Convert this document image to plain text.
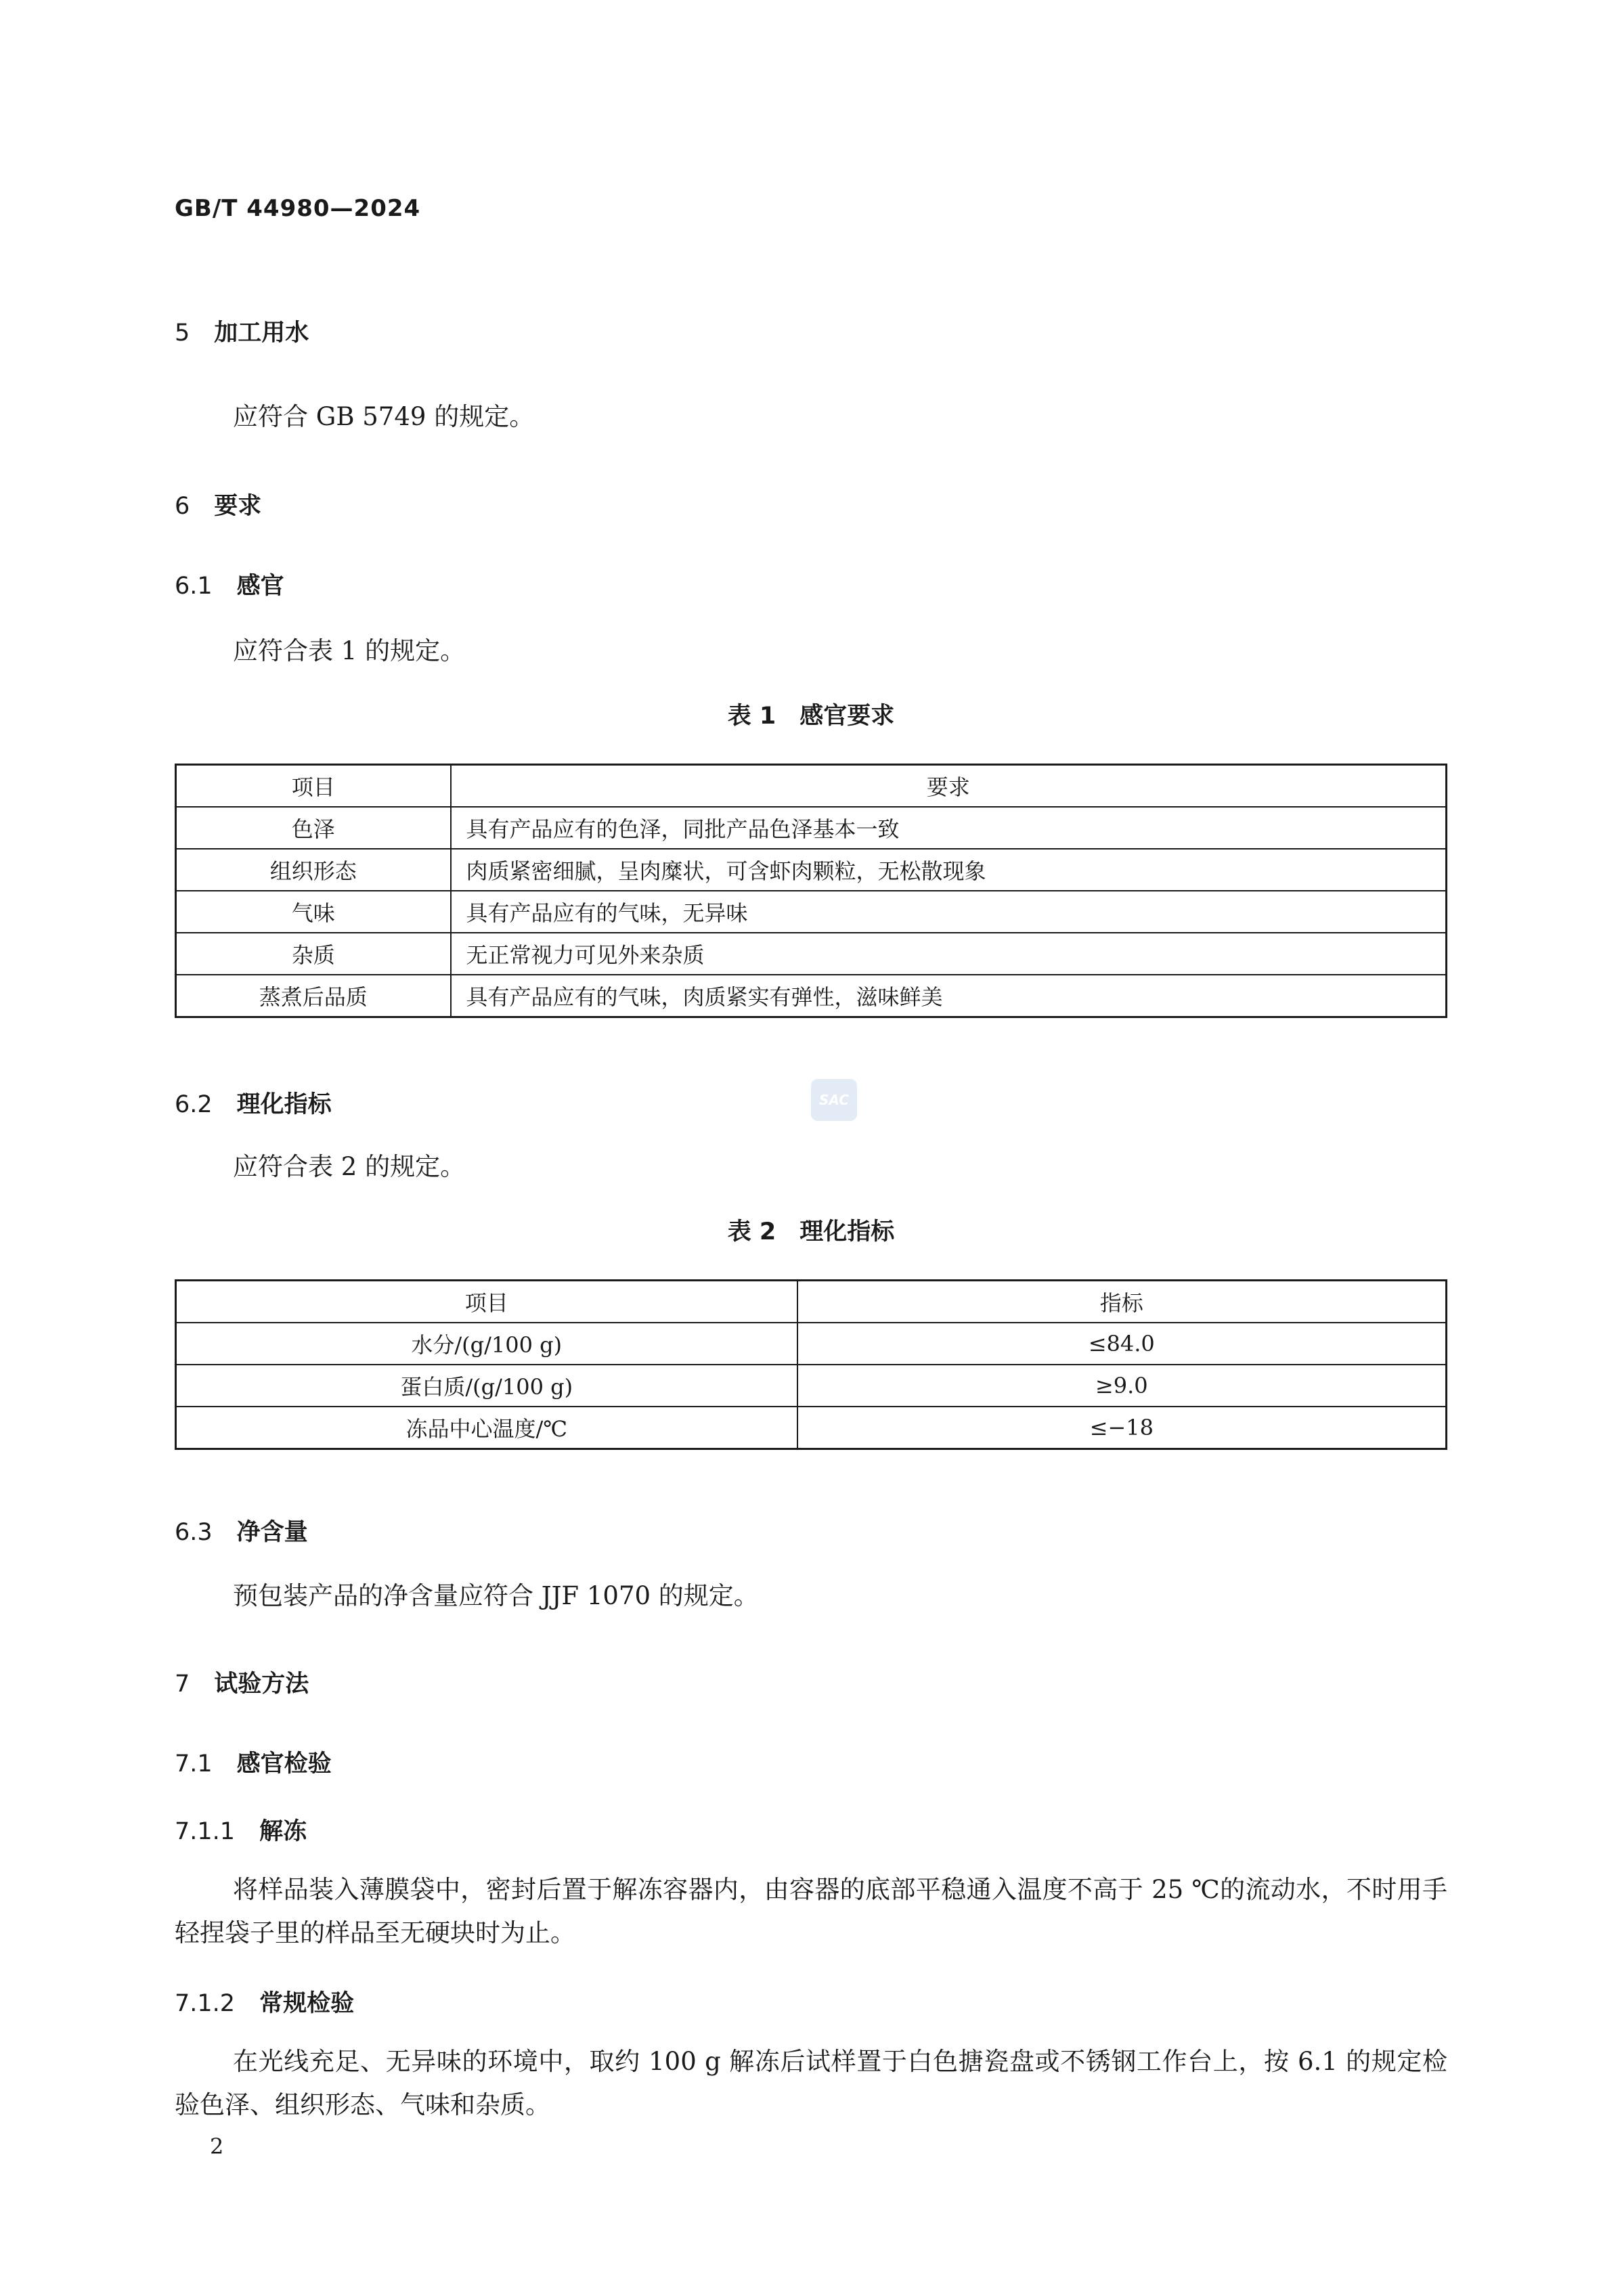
GB/T 44980—2024
5 加工用水
应符合 GB 5749 的规定。
6 要求
6.1 感官
应符合表 1 的规定。
表 1　感官要求
项目	要求
色泽	具有产品应有的色泽，同批产品色泽基本一致
组织形态	肉质紧密细腻，呈肉糜状，可含虾肉颗粒，无松散现象
气味	具有产品应有的气味，无异味
杂质	无正常视力可见外来杂质
蒸煮后品质	具有产品应有的气味，肉质紧实有弹性，滋味鲜美
6.2 理化指标	SAC
应符合表 2 的规定。
表 2　理化指标
项目	指标
水分/(g/100 g)	≤84.0
蛋白质/(g/100 g)	≥9.0
冻品中心温度/℃	≤−18
6.3 净含量
预包装产品的净含量应符合 JJF 1070 的规定。
7 试验方法
7.1 感官检验
7.1.1 解冻
将样品装入薄膜袋中，密封后置于解冻容器内，由容器的底部平稳通入温度不高于 25 ℃的流动水，不时用手轻捏袋子里的样品至无硬块时为止。
7.1.2 常规检验
在光线充足、无异味的环境中，取约 100 g 解冻后试样置于白色搪瓷盘或不锈钢工作台上，按 6.1 的规定检验色泽、组织形态、气味和杂质。
2
